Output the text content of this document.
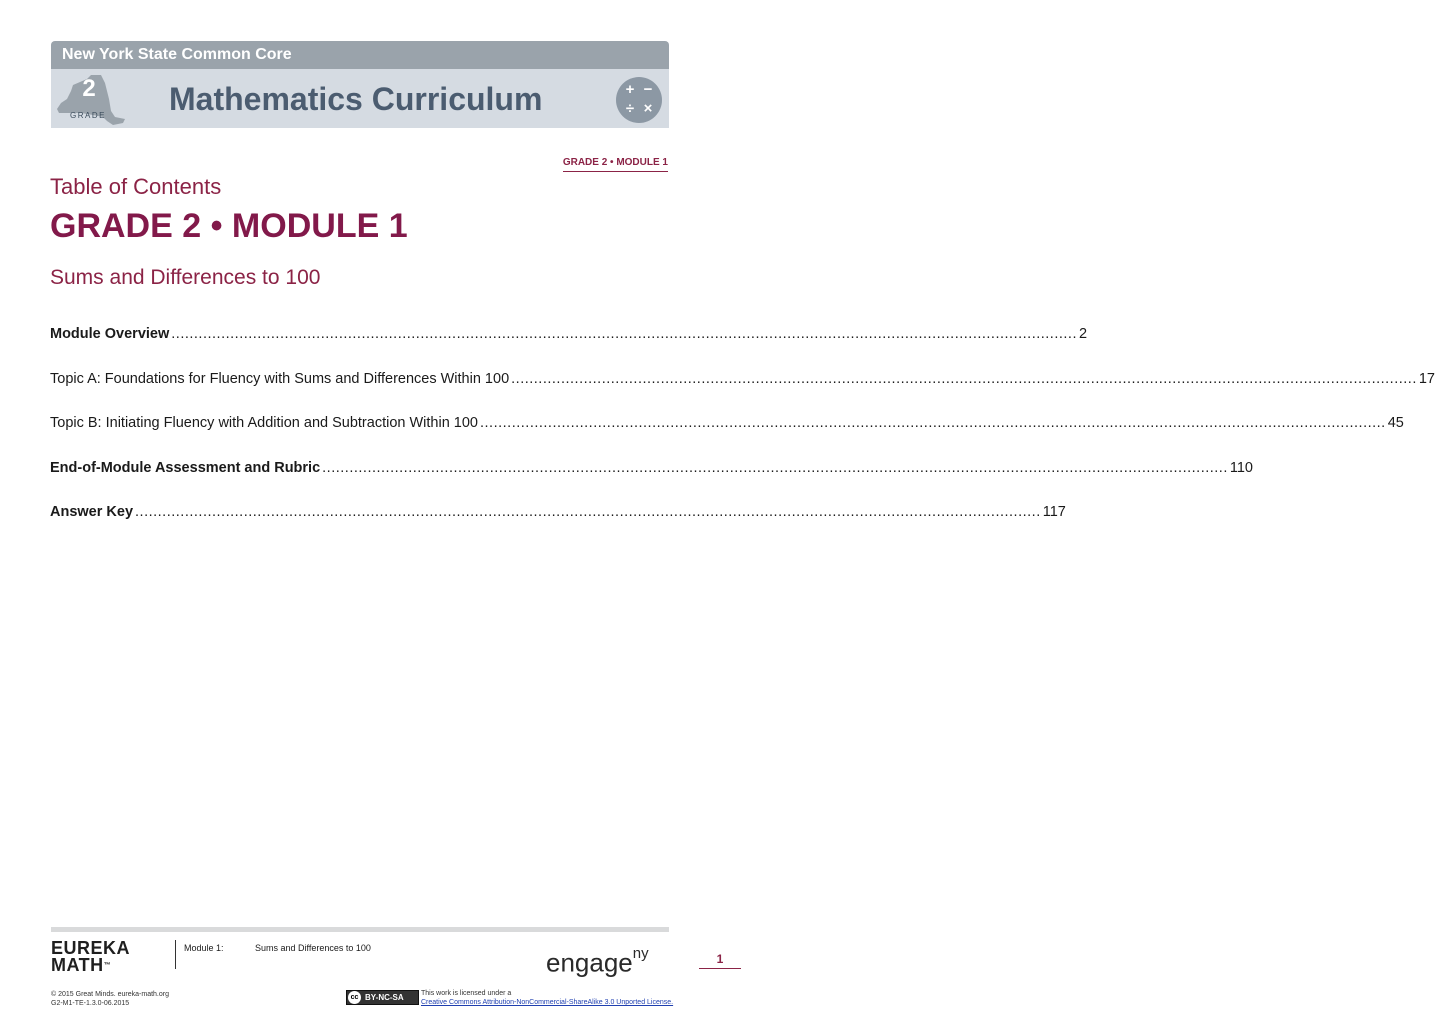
New York State Common Core
2
GRADE Mathematics Curriculum	+ −
÷ ×
GRADE 2 • MODULE 1
Table of Contents
GRADE 2 • MODULE 1
Sums and Differences to 100
Module Overview ........................................................................................................................................................................................................ 2
Topic A: Foundations for Fluency with Sums and Differences Within 100 ........................................................................................................................................................................................................ 17
Topic B: Initiating Fluency with Addition and Subtraction Within 100 ........................................................................................................................................................................................................ 45
End-of-Module Assessment and Rubric ........................................................................................................................................................................................................ 110
Answer Key ........................................................................................................................................................................................................ 117
EUREKA
MATH™
Module 1:	Sums and Differences to 100	engage$^{ny}$	1
© 2015 Great Minds. eureka-math.org
G2-M1-TE-1.3.0-06.2015
cc BY-NC-SA This work is licensed under a
Creative Commons Attribution-NonCommercial-ShareAlike 3.0 Unported License.
